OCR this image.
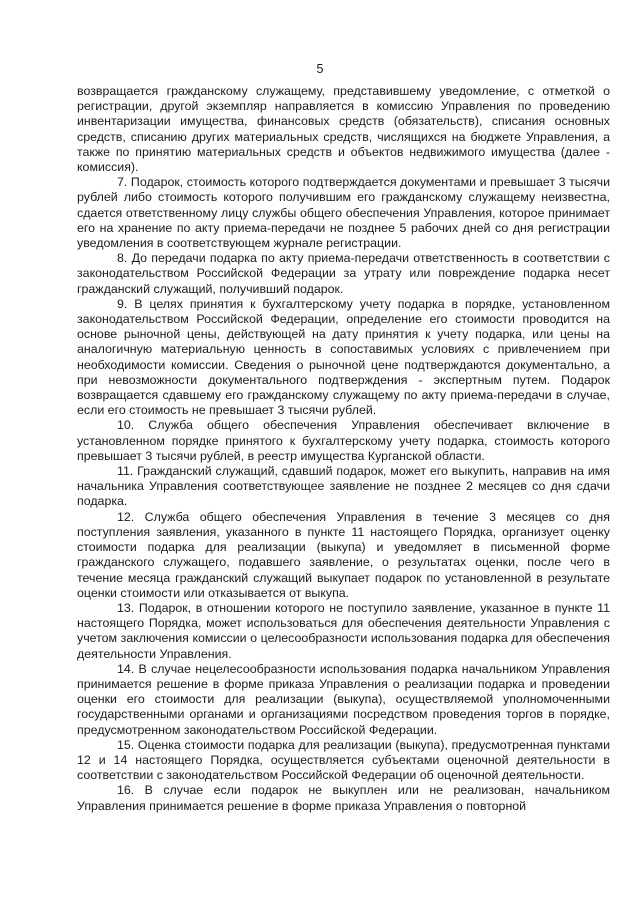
5

возвращается гражданскому служащему, представившему уведомление, с отметкой о регистрации, другой экземпляр направляется в комиссию Управления по проведению инвентаризации имущества, финансовых средств (обязательств), списания основных средств, списанию других материальных средств, числящихся на бюджете Управления, а также по принятию материальных средств и объектов недвижимого имущества (далее - комиссия).

7. Подарок, стоимость которого подтверждается документами и превышает 3 тысячи рублей либо стоимость которого получившим его гражданскому служащему неизвестна, сдается ответственному лицу службы общего обеспечения Управления, которое принимает его на хранение по акту приема-передачи не позднее 5 рабочих дней со дня регистрации уведомления в соответствующем журнале регистрации.

8. До передачи подарка по акту приема-передачи ответственность в соответствии с законодательством Российской Федерации за утрату или повреждение подарка несет гражданский служащий, получивший подарок.

9. В целях принятия к бухгалтерскому учету подарка в порядке, установленном законодательством Российской Федерации, определение его стоимости проводится на основе рыночной цены, действующей на дату принятия к учету подарка, или цены на аналогичную материальную ценность в сопоставимых условиях с привлечением при необходимости комиссии. Сведения о рыночной цене подтверждаются документально, а при невозможности документального подтверждения - экспертным путем. Подарок возвращается сдавшему его гражданскому служащему по акту приема-передачи в случае, если его стоимость не превышает 3 тысячи рублей.

10. Служба общего обеспечения Управления обеспечивает включение в установленном порядке принятого к бухгалтерскому учету подарка, стоимость которого превышает 3 тысячи рублей, в реестр имущества Курганской области.

11. Гражданский служащий, сдавший подарок, может его выкупить, направив на имя начальника Управления соответствующее заявление не позднее 2 месяцев со дня сдачи подарка.

12. Служба общего обеспечения Управления в течение 3 месяцев со дня поступления заявления, указанного в пункте 11 настоящего Порядка, организует оценку стоимости подарка для реализации (выкупа) и уведомляет в письменной форме гражданского служащего, подавшего заявление, о результатах оценки, после чего в течение месяца гражданский служащий выкупает подарок по установленной в результате оценки стоимости или отказывается от выкупа.

13. Подарок, в отношении которого не поступило заявление, указанное в пункте 11 настоящего Порядка, может использоваться для обеспечения деятельности Управления с учетом заключения комиссии о целесообразности использования подарка для обеспечения деятельности Управления.

14. В случае нецелесообразности использования подарка начальником Управления принимается решение в форме приказа Управления о реализации подарка и проведении оценки его стоимости для реализации (выкупа), осуществляемой уполномоченными государственными органами и организациями посредством проведения торгов в порядке, предусмотренном законодательством Российской Федерации.

15. Оценка стоимости подарка для реализации (выкупа), предусмотренная пунктами 12 и 14 настоящего Порядка, осуществляется субъектами оценочной деятельности в соответствии с законодательством Российской Федерации об оценочной деятельности.

16. В случае если подарок не выкуплен или не реализован, начальником Управления принимается решение в форме приказа Управления о повторной
